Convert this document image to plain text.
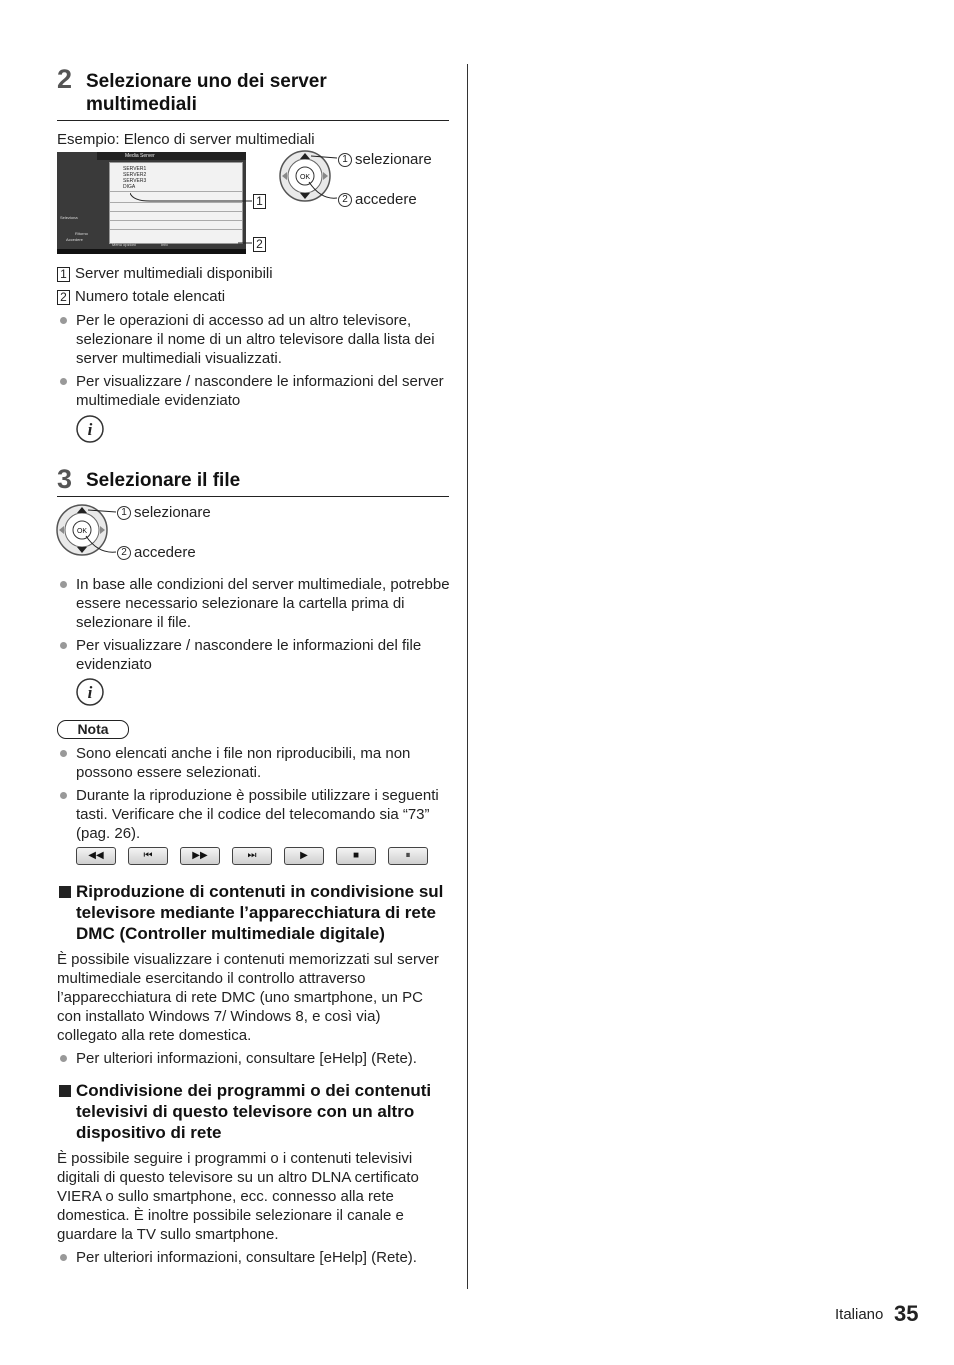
2 Selezionare uno dei server
multimediali
Esempio: Elenco di server multimediali
Media Server
SERVER1
SERVER2
SERVER3
DIGA
Seleziona
Ritorno
Accedere
Menu opzioni	Info
1
2
OK
1 selezionare
2 accedere
1 Server multimediali disponibili
2 Numero totale elencati
Per le operazioni di accesso ad un altro televisore, selezionare il nome di un altro televisore dalla lista dei server multimediali visualizzati.
Per visualizzare / nascondere le informazioni del server multimediale evidenziato
i
3 Selezionare il file
OK
1 selezionare
2 accedere
In base alle condizioni del server multimediale, potrebbe essere necessario selezionare la cartella prima di selezionare il file.
Per visualizzare / nascondere le informazioni del file evidenziato
i
Nota
Sono elencati anche i file non riproducibili, ma non possono essere selezionati.
Durante la riproduzione è possibile utilizzare i seguenti tasti. Verificare che il codice del telecomando sia “73” (pag. 26).
◀◀	⏮	▶▶	⏭	▶	■	⏸
Riproduzione di contenuti in condivisione sul televisore mediante l’apparecchiatura di rete DMC (Controller multimediale digitale)
È possibile visualizzare i contenuti memorizzati sul server multimediale esercitando il controllo attraverso l’apparecchiatura di rete DMC (uno smartphone, un PC con installato Windows 7/ Windows 8, e così via) collegato alla rete domestica.
Per ulteriori informazioni, consultare [eHelp] (Rete).
Condivisione dei programmi o dei contenuti televisivi di questo televisore con un altro dispositivo di rete
È possibile seguire i programmi o i contenuti televisivi digitali di questo televisore su un altro DLNA certificato VIERA o sullo smartphone, ecc. connesso alla rete domestica. È inoltre possibile selezionare il canale e guardare la TV sullo smartphone.
Per ulteriori informazioni, consultare [eHelp] (Rete).
Italiano 35
